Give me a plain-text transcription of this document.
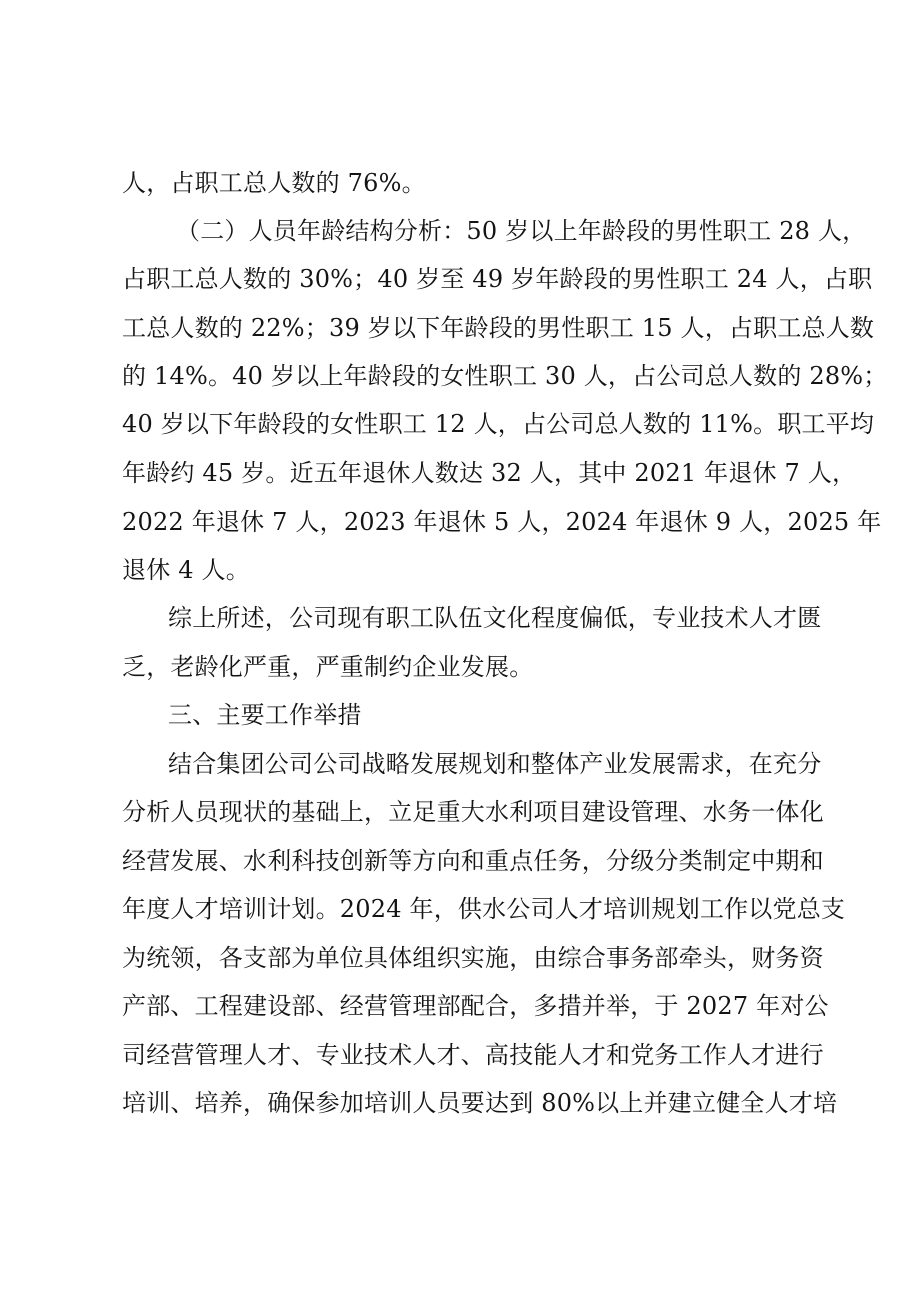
人，占职工总人数的 76%。
（二）人员年龄结构分析：50 岁以上年龄段的男性职工 28 人，
占职工总人数的 30%；40 岁至 49 岁年龄段的男性职工 24 人，占职
工总人数的 22%；39 岁以下年龄段的男性职工 15 人，占职工总人数
的 14%。40 岁以上年龄段的女性职工 30 人，占公司总人数的 28%；
40 岁以下年龄段的女性职工 12 人，占公司总人数的 11%。职工平均
年龄约 45 岁。近五年退休人数达 32 人，其中 2021 年退休 7 人，
2022 年退休 7 人，2023 年退休 5 人，2024 年退休 9 人，2025 年
退休 4 人。
综上所述，公司现有职工队伍文化程度偏低，专业技术人才匮
乏，老龄化严重，严重制约企业发展。
三、主要工作举措
结合集团公司公司战略发展规划和整体产业发展需求，在充分
分析人员现状的基础上，立足重大水利项目建设管理、水务一体化
经营发展、水利科技创新等方向和重点任务，分级分类制定中期和
年度人才培训计划。2024 年，供水公司人才培训规划工作以党总支
为统领，各支部为单位具体组织实施，由综合事务部牵头，财务资
产部、工程建设部、经营管理部配合，多措并举，于 2027 年对公
司经营管理人才、专业技术人才、高技能人才和党务工作人才进行
培训、培养，确保参加培训人员要达到 80%以上并建立健全人才培
